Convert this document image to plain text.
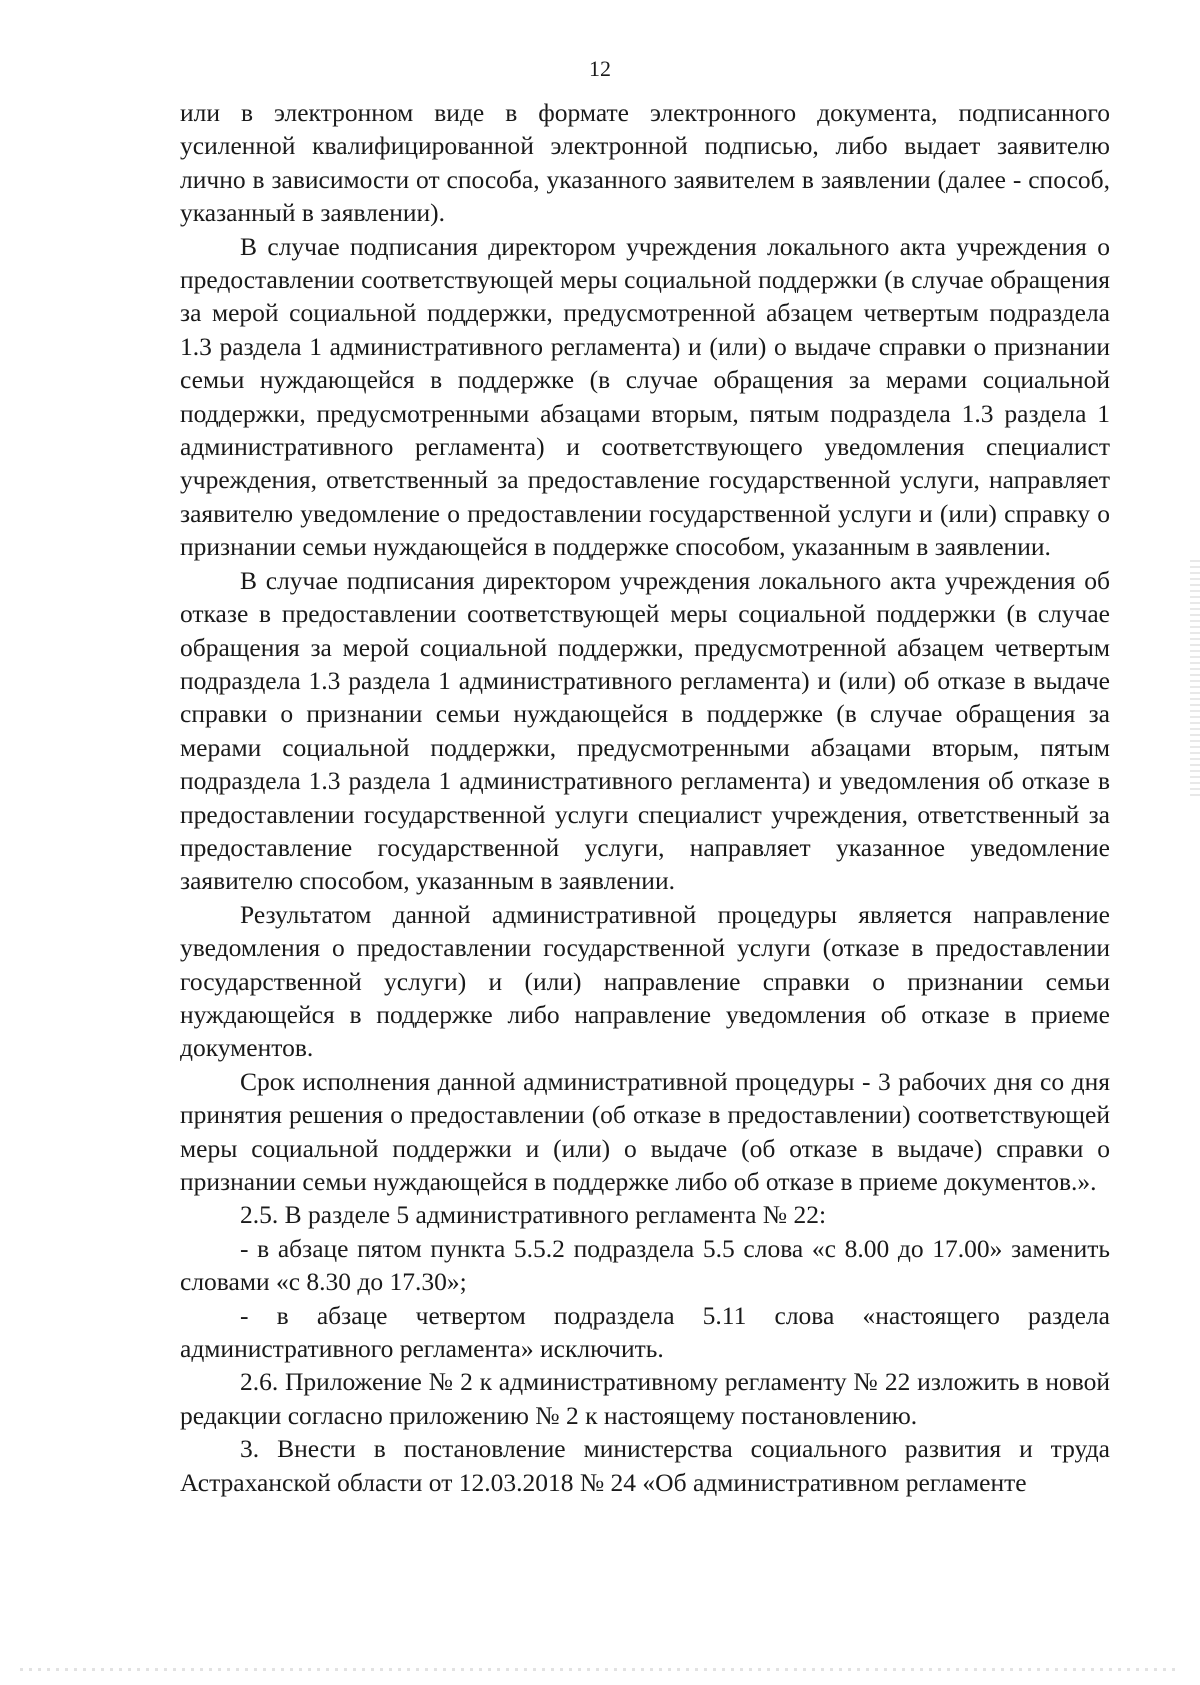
12

или в электронном виде в формате электронного документа, подписанного усиленной квалифицированной электронной подписью, либо выдает заявителю лично в зависимости от способа, указанного заявителем в заявлении (далее - способ, указанный в заявлении).

В случае подписания директором учреждения локального акта учреждения о предоставлении соответствующей меры социальной поддержки (в случае обращения за мерой социальной поддержки, предусмотренной абзацем четвертым подраздела 1.3 раздела 1 административного регламента) и (или) о выдаче справки о признании семьи нуждающейся в поддержке (в случае обращения за мерами социальной поддержки, предусмотренными абзацами вторым, пятым подраздела 1.3 раздела 1 административного регламента) и соответствующего уведомления специалист учреждения, ответственный за предоставление государственной услуги, направляет заявителю уведомление о предоставлении государственной услуги и (или) справку о признании семьи нуждающейся в поддержке способом, указанным в заявлении.

В случае подписания директором учреждения локального акта учреждения об отказе в предоставлении соответствующей меры социальной поддержки (в случае обращения за мерой социальной поддержки, предусмотренной абзацем четвертым подраздела 1.3 раздела 1 административного регламента) и (или) об отказе в выдаче справки о признании семьи нуждающейся в поддержке (в случае обращения за мерами социальной поддержки, предусмотренными абзацами вторым, пятым подраздела 1.3 раздела 1 административного регламента) и уведомления об отказе в предоставлении государственной услуги специалист учреждения, ответственный за предоставление государственной услуги, направляет указанное уведомление заявителю способом, указанным в заявлении.

Результатом данной административной процедуры является направление уведомления о предоставлении государственной услуги (отказе в предоставлении государственной услуги) и (или) направление справки о признании семьи нуждающейся в поддержке либо направление уведомления об отказе в приеме документов.

Срок исполнения данной административной процедуры - 3 рабочих дня со дня принятия решения о предоставлении (об отказе в предоставлении) соответствующей меры социальной поддержки и (или) о выдаче (об отказе в выдаче) справки о признании семьи нуждающейся в поддержке либо об отказе в приеме документов.».

2.5. В разделе 5 административного регламента № 22:

- в абзаце пятом пункта 5.5.2 подраздела 5.5 слова «с 8.00 до 17.00» заменить словами «с 8.30 до 17.30»;

- в абзаце четвертом подраздела 5.11 слова «настоящего раздела административного регламента» исключить.

2.6. Приложение № 2 к административному регламенту № 22 изложить в новой редакции согласно приложению № 2 к настоящему постановлению.

3. Внести в постановление министерства социального развития и труда Астраханской области от 12.03.2018 № 24 «Об административном регламенте
